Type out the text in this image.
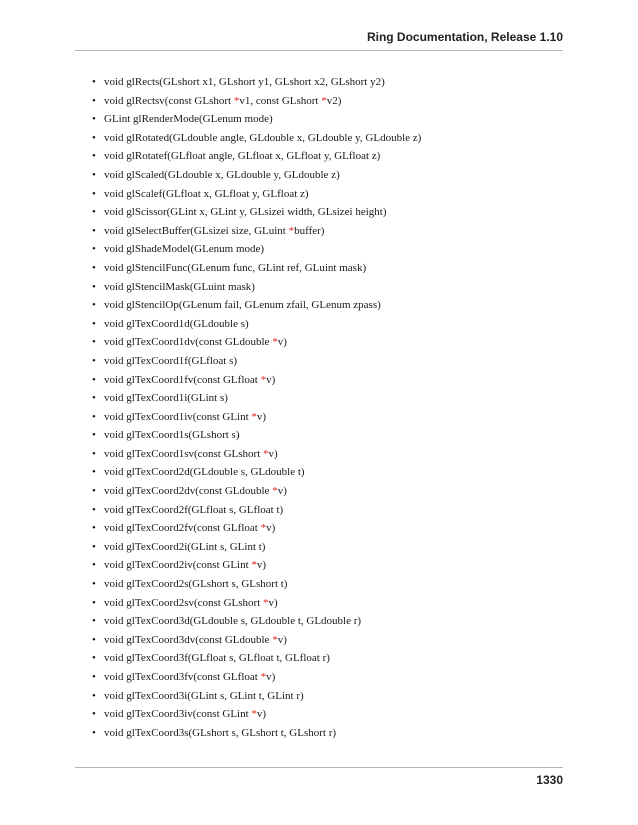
Ring Documentation, Release 1.10
• void glRects(GLshort x1, GLshort y1, GLshort x2, GLshort y2)
• void glRectsv(const GLshort *v1, const GLshort *v2)
• GLint glRenderMode(GLenum mode)
• void glRotated(GLdouble angle, GLdouble x, GLdouble y, GLdouble z)
• void glRotatef(GLfloat angle, GLfloat x, GLfloat y, GLfloat z)
• void glScaled(GLdouble x, GLdouble y, GLdouble z)
• void glScalef(GLfloat x, GLfloat y, GLfloat z)
• void glScissor(GLint x, GLint y, GLsizei width, GLsizei height)
• void glSelectBuffer(GLsizei size, GLuint *buffer)
• void glShadeModel(GLenum mode)
• void glStencilFunc(GLenum func, GLint ref, GLuint mask)
• void glStencilMask(GLuint mask)
• void glStencilOp(GLenum fail, GLenum zfail, GLenum zpass)
• void glTexCoord1d(GLdouble s)
• void glTexCoord1dv(const GLdouble *v)
• void glTexCoord1f(GLfloat s)
• void glTexCoord1fv(const GLfloat *v)
• void glTexCoord1i(GLint s)
• void glTexCoord1iv(const GLint *v)
• void glTexCoord1s(GLshort s)
• void glTexCoord1sv(const GLshort *v)
• void glTexCoord2d(GLdouble s, GLdouble t)
• void glTexCoord2dv(const GLdouble *v)
• void glTexCoord2f(GLfloat s, GLfloat t)
• void glTexCoord2fv(const GLfloat *v)
• void glTexCoord2i(GLint s, GLint t)
• void glTexCoord2iv(const GLint *v)
• void glTexCoord2s(GLshort s, GLshort t)
• void glTexCoord2sv(const GLshort *v)
• void glTexCoord3d(GLdouble s, GLdouble t, GLdouble r)
• void glTexCoord3dv(const GLdouble *v)
• void glTexCoord3f(GLfloat s, GLfloat t, GLfloat r)
• void glTexCoord3fv(const GLfloat *v)
• void glTexCoord3i(GLint s, GLint t, GLint r)
• void glTexCoord3iv(const GLint *v)
• void glTexCoord3s(GLshort s, GLshort t, GLshort r)
1330
